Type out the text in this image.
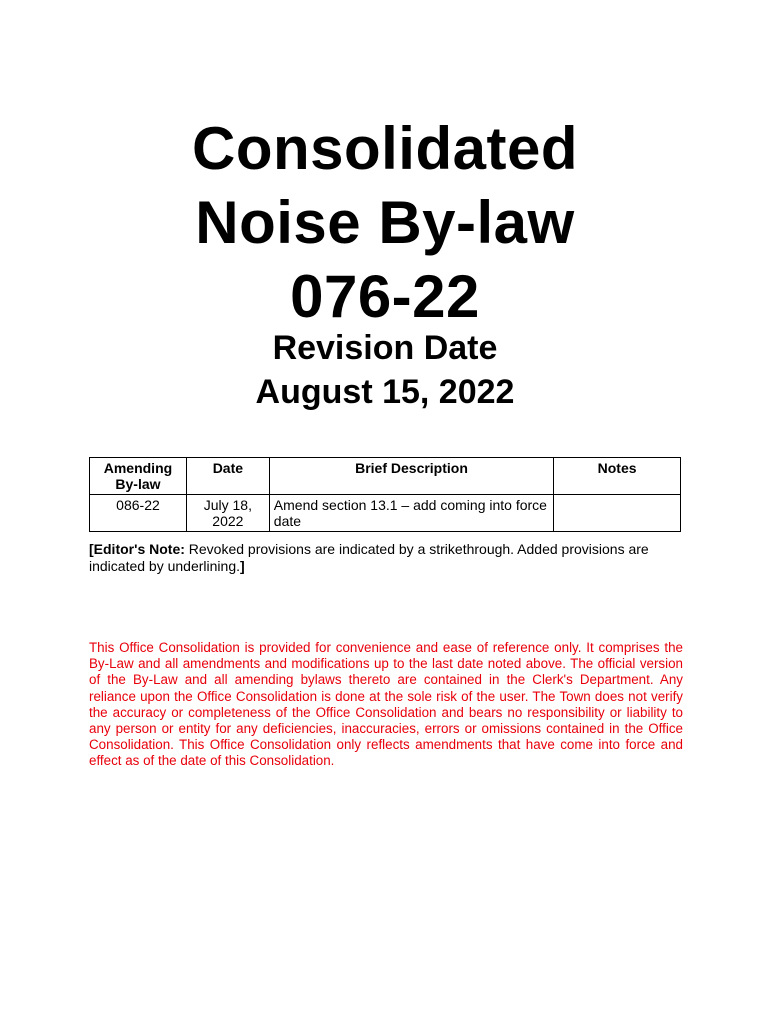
Consolidated
Noise By-law
076-22
Revision Date
August 15, 2022
Amending By-law	Date	Brief Description	Notes
086-22	July 18, 2022	Amend section 13.1 – add coming into force date	
[Editor's Note: Revoked provisions are indicated by a strikethrough. Added provisions are indicated by underlining.]
This Office Consolidation is provided for convenience and ease of reference only. It comprises the By-Law and all amendments and modifications up to the last date noted above. The official version of the By-Law and all amending bylaws thereto are contained in the Clerk's Department. Any reliance upon the Office Consolidation is done at the sole risk of the user. The Town does not verify the accuracy or completeness of the Office Consolidation and bears no responsibility or liability to any person or entity for any deficiencies, inaccuracies, errors or omissions contained in the Office Consolidation. This Office Consolidation only reflects amendments that have come into force and effect as of the date of this Consolidation.
